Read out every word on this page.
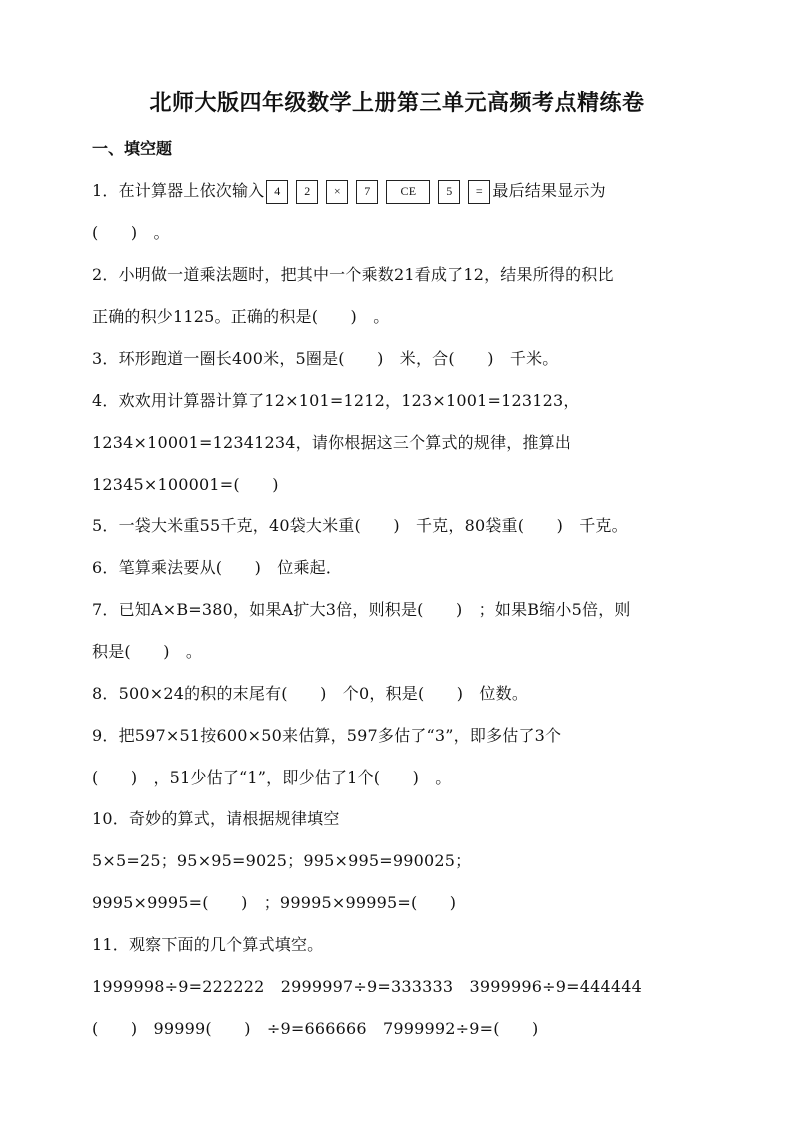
北师大版四年级数学上册第三单元高频考点精练卷
一、填空题
1．在计算器上依次输入 4	2	×	7	CE	5	= 最后结果显示为
(　　)　。
2．小明做一道乘法题时，把其中一个乘数21看成了12，结果所得的积比
正确的积少1125。正确的积是(　　)　。
3．环形跑道一圈长400米，5圈是(　　)　米，合(　　)　千米。
4．欢欢用计算器计算了12×101=1212，123×1001=123123，
1234×10001=12341234，请你根据这三个算式的规律，推算出
12345×100001=(　　)
5．一袋大米重55千克，40袋大米重(　　)　千克，80袋重(　　)　千克。
6．笔算乘法要从(　　)　位乘起．
7．已知A×B=380，如果A扩大3倍，则积是(　　)　；如果B缩小5倍，则
积是(　　)　。
8．500×24的积的末尾有(　　)　个0，积是(　　)　位数。
9．把597×51按600×50来估算，597多估了“3”，即多估了3个
(　　)　，51少估了“1”，即少估了1个(　　)　。
10．奇妙的算式，请根据规律填空
5×5=25；95×95=9025；995×995=990025；
9995×9995=(　　)　；99995×99995=(　　)
11．观察下面的几个算式填空。
1999998÷9=222222　2999997÷9=333333　3999996÷9=444444
(　　)　99999(　　)　÷9=666666　7999992÷9=(　　)
